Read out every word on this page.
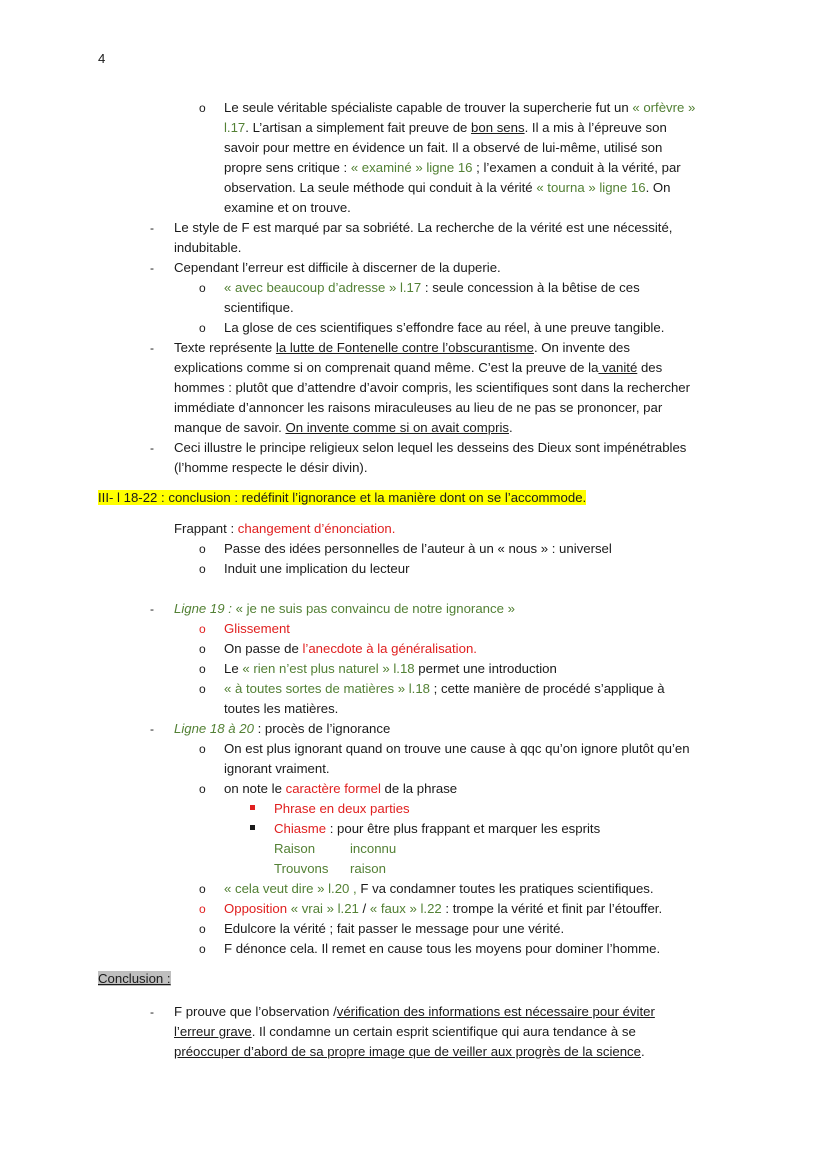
4
o Le seule véritable spécialiste capable de trouver la supercherie fut un « orfèvre »
l.17. L’artisan a simplement fait preuve de bon sens. Il a mis à l’épreuve son
savoir pour mettre en évidence un fait. Il a observé de lui-même, utilisé son
propre sens critique : « examiné » ligne 16 ; l’examen a conduit à la vérité, par
observation. La seule méthode qui conduit à la vérité « tourna » ligne 16. On
examine et on trouve.
- Le style de F est marqué par sa sobriété. La recherche de la vérité est une nécessité,
indubitable.
- Cependant l’erreur est difficile à discerner de la duperie.
o « avec beaucoup d’adresse » l.17 : seule concession à la bêtise de ces
scientifique.
o La glose de ces scientifiques s’effondre face au réel, à une preuve tangible.
- Texte représente la lutte de Fontenelle contre l’obscurantisme. On invente des
explications comme si on comprenait quand même. C’est la preuve de la vanité des
hommes : plutôt que d’attendre d’avoir compris, les scientifiques sont dans la rechercher
immédiate d’annoncer les raisons miraculeuses au lieu de ne pas se prononcer, par
manque de savoir. On invente comme si on avait compris.
- Ceci illustre le principe religieux selon lequel les desseins des Dieux sont impénétrables
(l’homme respecte le désir divin).
III- l 18-22 : conclusion : redéfinit l’ignorance et la manière dont on se l’accommode.
Frappant : changement d’énonciation.
o Passe des idées personnelles de l’auteur à un « nous » : universel
o Induit une implication du lecteur
- Ligne 19 : « je ne suis pas convaincu de notre ignorance »
o Glissement
o On passe de l’anecdote à la généralisation.
o Le « rien n’est plus naturel » l.18 permet une introduction
o « à toutes sortes de matières » l.18 ; cette manière de procédé s’applique à
toutes les matières.
- Ligne 18 à 20 : procès de l’ignorance
o On est plus ignorant quand on trouve une cause à qqc qu’on ignore plutôt qu’en
ignorant vraiment.
o on note le caractère formel de la phrase
Phrase en deux parties
Chiasme : pour être plus frappant et marquer les esprits
Raison	inconnu
Trouvons raison
o « cela veut dire » l.20 , F va condamner toutes les pratiques scientifiques.
o Opposition « vrai » l.21 / « faux » l.22 : trompe la vérité et finit par l’étouffer.
o Edulcore la vérité ; fait passer le message pour une vérité.
o F dénonce cela. Il remet en cause tous les moyens pour dominer l’homme.
Conclusion :
- F prouve que l’observation /vérification des informations est nécessaire pour éviter
l’erreur grave. Il condamne un certain esprit scientifique qui aura tendance à se
préoccuper d’abord de sa propre image que de veiller aux progrès de la science.
